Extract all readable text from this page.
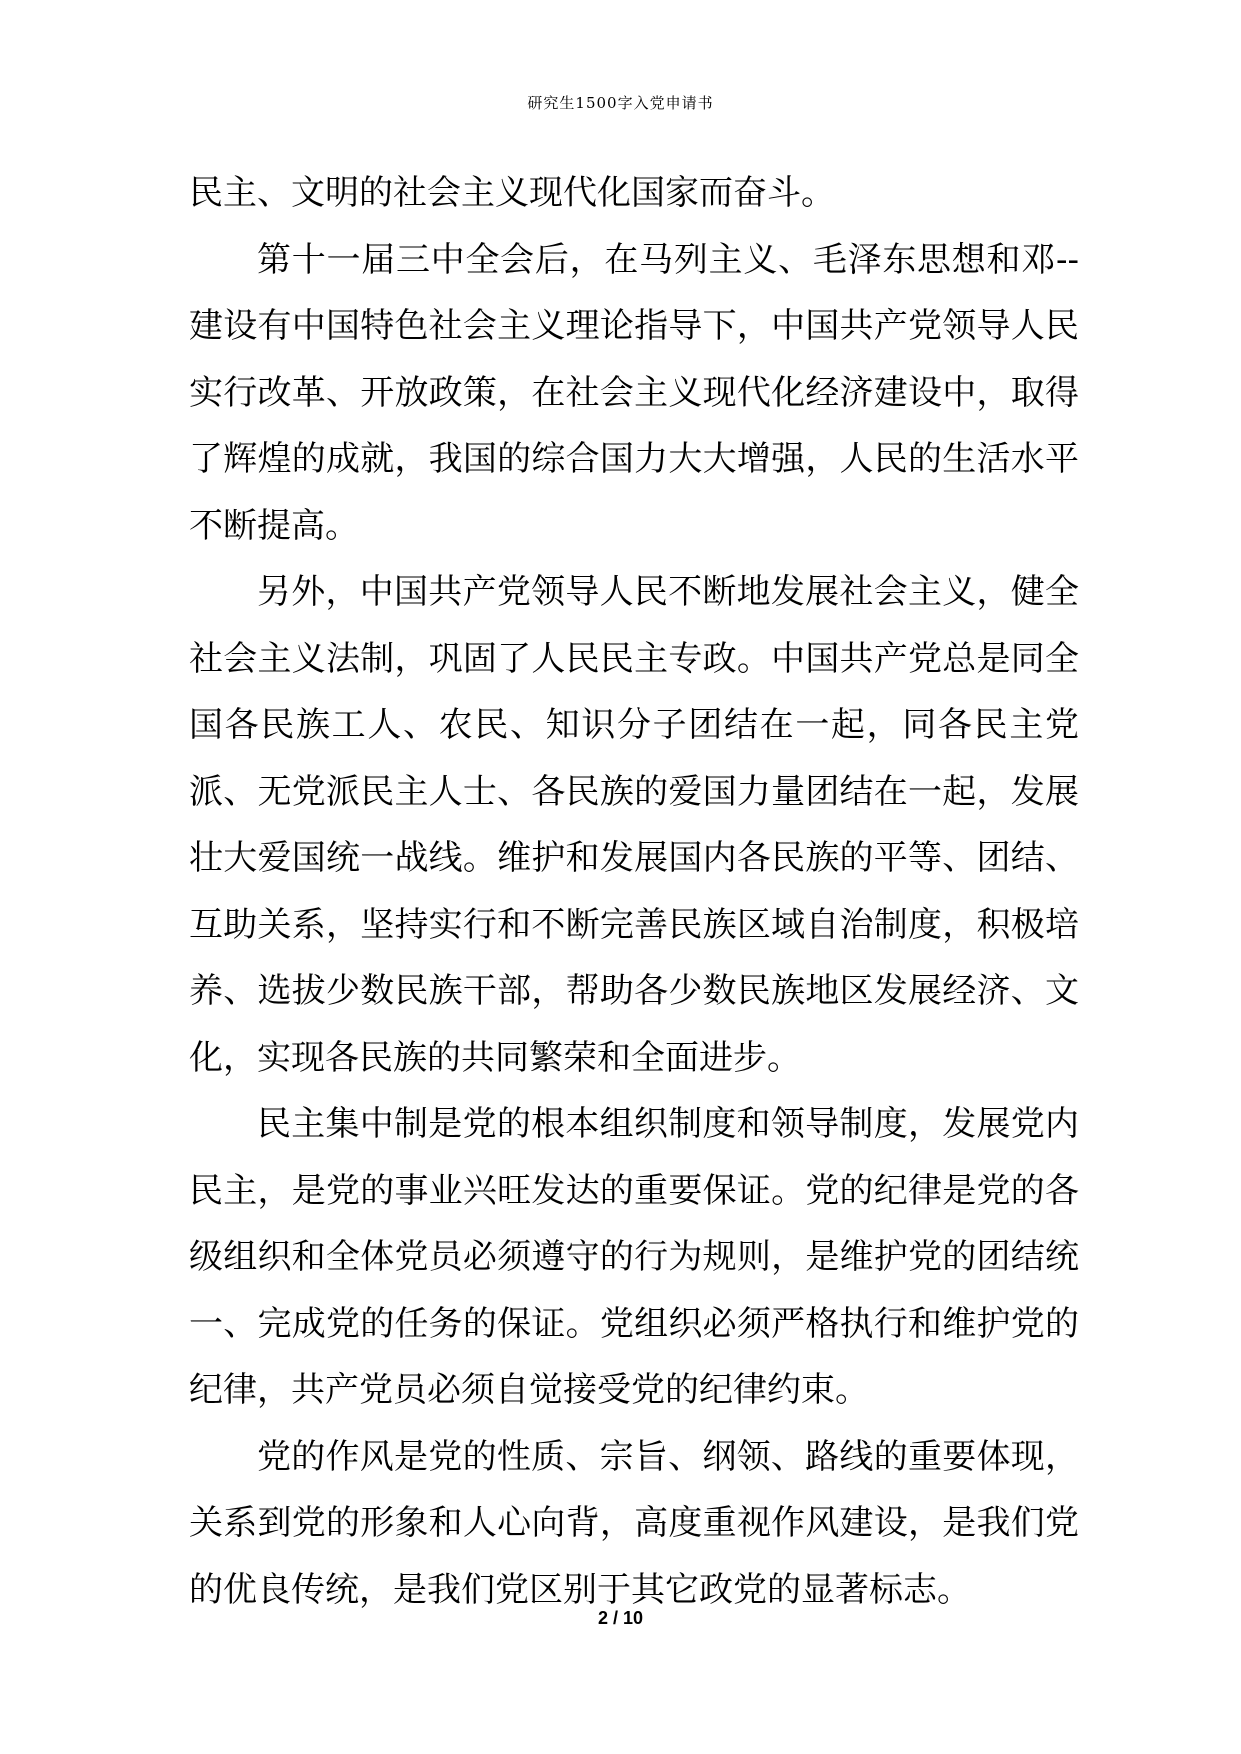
研究生1500字入党申请书

民主、文明的社会主义现代化国家而奋斗。

第十一届三中全会后，在马列主义、毛泽东思想和邓--建设有中国特色社会主义理论指导下，中国共产党领导人民实行改革、开放政策，在社会主义现代化经济建设中，取得了辉煌的成就，我国的综合国力大大增强，人民的生活水平不断提高。

另外，中国共产党领导人民不断地发展社会主义，健全社会主义法制，巩固了人民民主专政。中国共产党总是同全国各民族工人、农民、知识分子团结在一起，同各民主党派、无党派民主人士、各民族的爱国力量团结在一起，发展壮大爱国统一战线。维护和发展国内各民族的平等、团结、互助关系，坚持实行和不断完善民族区域自治制度，积极培养、选拔少数民族干部，帮助各少数民族地区发展经济、文化，实现各民族的共同繁荣和全面进步。

民主集中制是党的根本组织制度和领导制度，发展党内民主，是党的事业兴旺发达的重要保证。党的纪律是党的各级组织和全体党员必须遵守的行为规则，是维护党的团结统一、完成党的任务的保证。党组织必须严格执行和维护党的纪律，共产党员必须自觉接受党的纪律约束。

党的作风是党的性质、宗旨、纲领、路线的重要体现，关系到党的形象和人心向背，高度重视作风建设，是我们党的优良传统，是我们党区别于其它政党的显著标志。

2 / 10
